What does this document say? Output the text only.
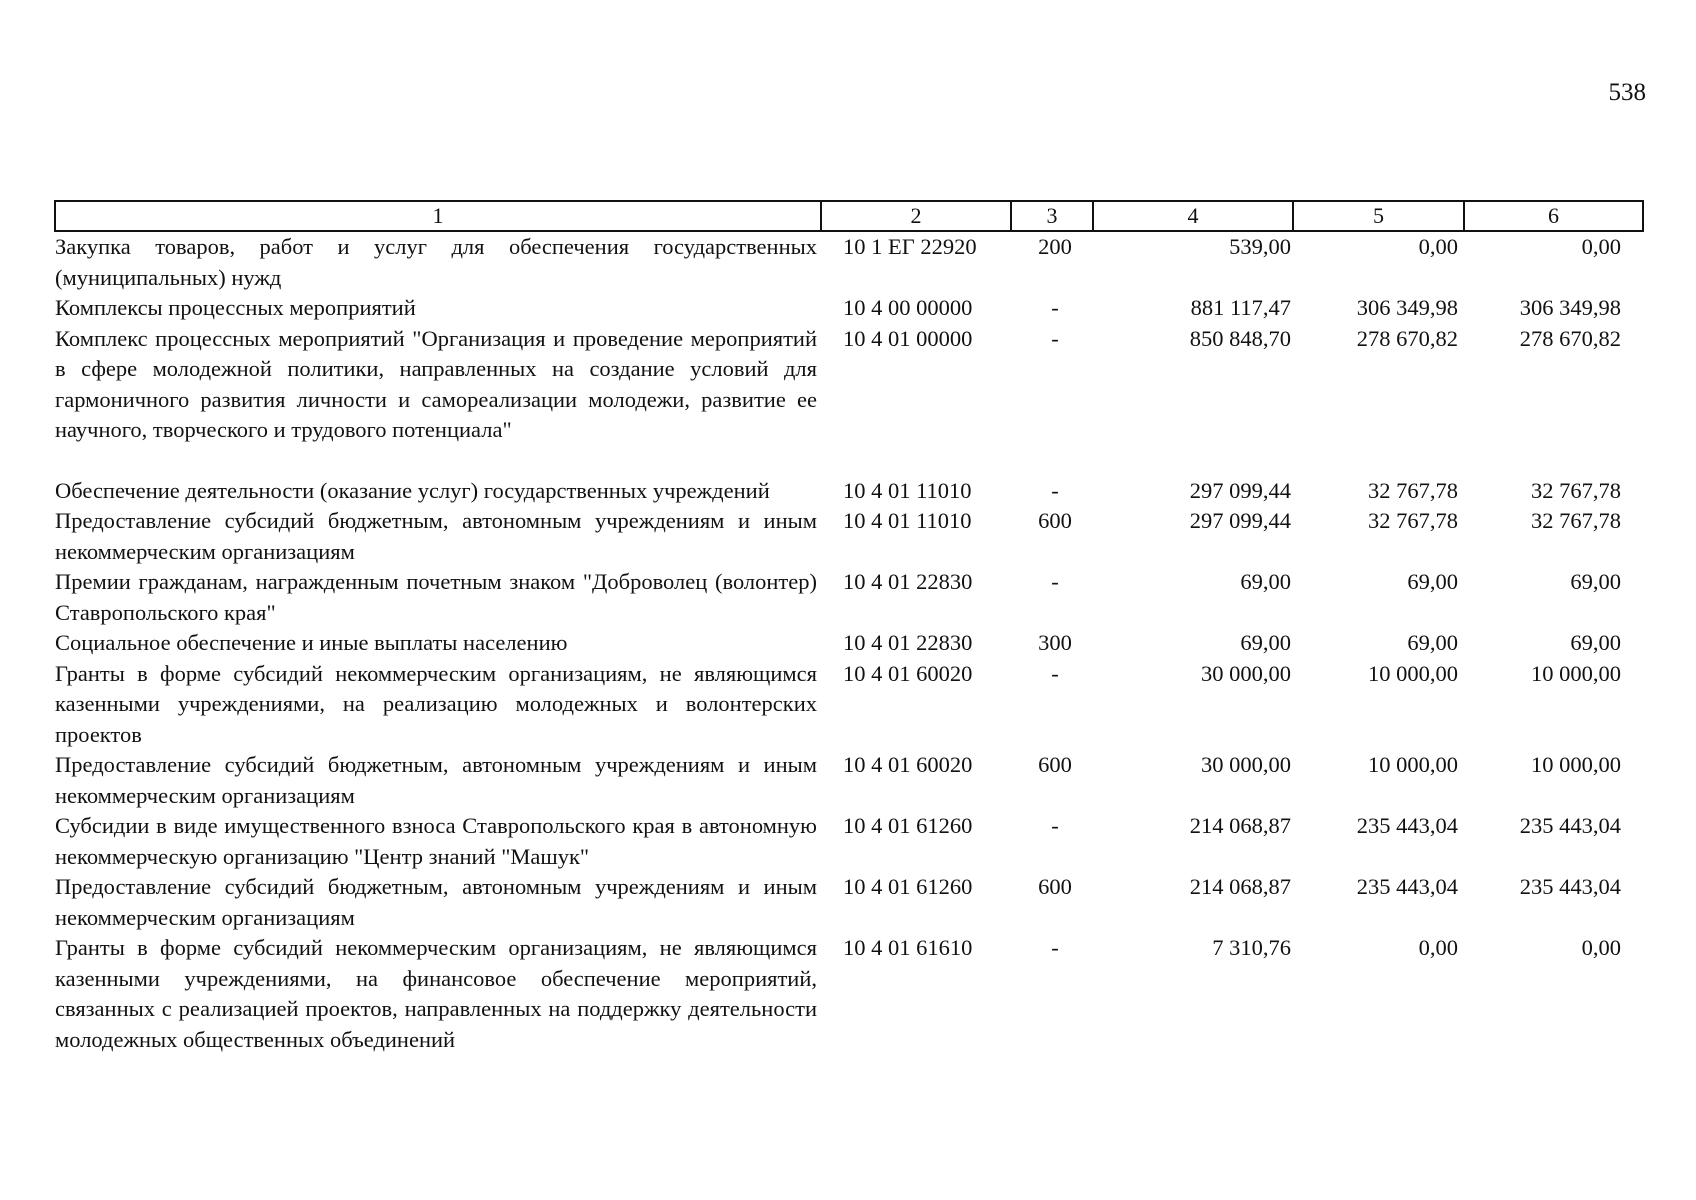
538
1	2	3	4	5	6
Закупка товаров, работ и услуг для обеспечения государственных (муниципальных) нужд	10 1 ЕГ 22920	200	539,00	0,00	0,00
Комплексы процессных мероприятий	10 4 00 00000	-	881 117,47	306 349,98	306 349,98
Комплекс процессных мероприятий "Организация и проведение мероприятий в сфере молодежной политики, направленных на создание условий для гармоничного развития личности и самореализации молодежи, развитие ее научного, творческого и трудового потенциала"	10 4 01 00000	-	850 848,70	278 670,82	278 670,82

Обеспечение деятельности (оказание услуг) государственных учреждений	10 4 01 11010	-	297 099,44	32 767,78	32 767,78
Предоставление субсидий бюджетным, автономным учреждениям и иным некоммерческим организациям	10 4 01 11010	600	297 099,44	32 767,78	32 767,78
Премии гражданам, награжденным почетным знаком "Доброволец (волонтер) Ставропольского края"	10 4 01 22830	-	69,00	69,00	69,00
Социальное обеспечение и иные выплаты населению	10 4 01 22830	300	69,00	69,00	69,00
Гранты в форме субсидий некоммерческим организациям, не являющимся казенными учреждениями, на реализацию молодежных и волонтерских проектов	10 4 01 60020	-	30 000,00	10 000,00	10 000,00
Предоставление субсидий бюджетным, автономным учреждениям и иным некоммерческим организациям	10 4 01 60020	600	30 000,00	10 000,00	10 000,00
Субсидии в виде имущественного взноса Ставропольского края в автономную некоммерческую организацию "Центр знаний "Машук"	10 4 01 61260	-	214 068,87	235 443,04	235 443,04
Предоставление субсидий бюджетным, автономным учреждениям и иным некоммерческим организациям	10 4 01 61260	600	214 068,87	235 443,04	235 443,04
Гранты в форме субсидий некоммерческим организациям, не являющимся казенными учреждениями, на финансовое обеспечение мероприятий, связанных с реализацией проектов, направленных на поддержку деятельности молодежных общественных объединений	10 4 01 61610	-	7 310,76	0,00	0,00
